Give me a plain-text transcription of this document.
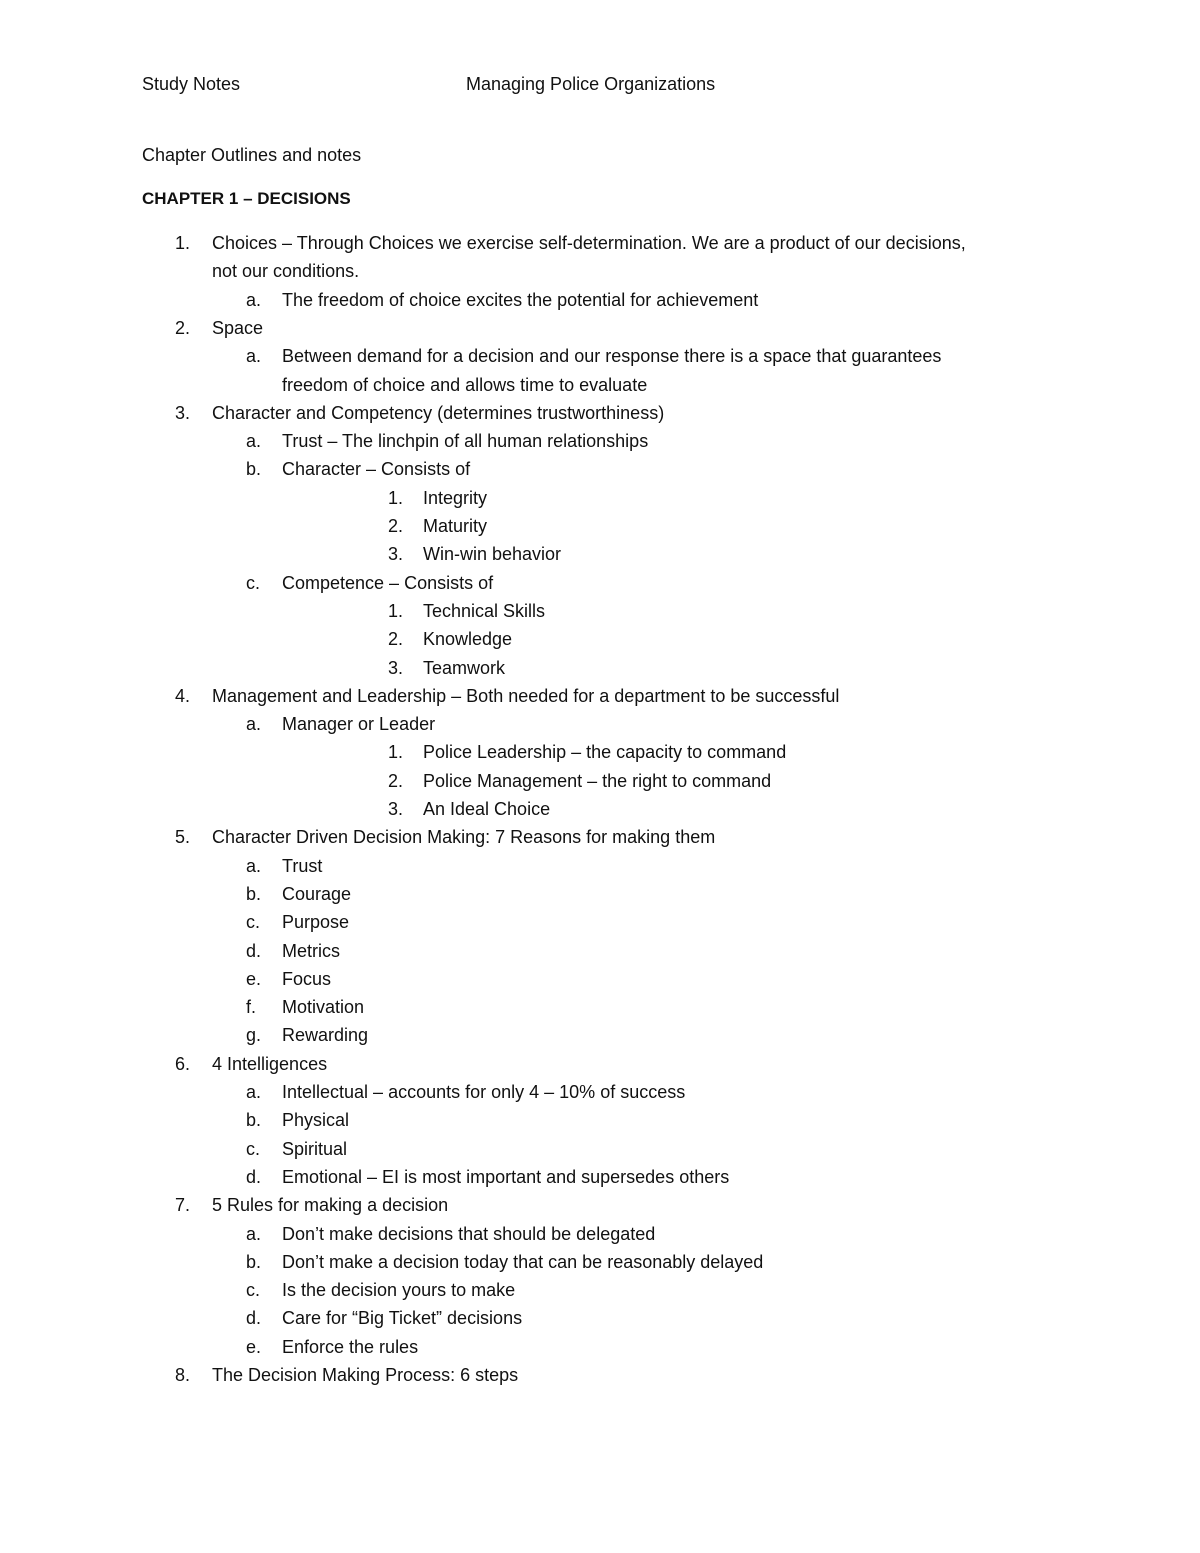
Study Notes	Managing Police Organizations
Chapter Outlines and notes
CHAPTER 1 – DECISIONS
1. Choices – Through Choices we exercise self-determination. We are a product of our decisions,
not our conditions.
a. The freedom of choice excites the potential for achievement
2. Space
a. Between demand for a decision and our response there is a space that guarantees
freedom of choice and allows time to evaluate
3. Character and Competency (determines trustworthiness)
a. Trust – The linchpin of all human relationships
b. Character – Consists of
1. Integrity
2. Maturity
3. Win-win behavior
c. Competence – Consists of
1. Technical Skills
2. Knowledge
3. Teamwork
4. Management and Leadership – Both needed for a department to be successful
a. Manager or Leader
1. Police Leadership – the capacity to command
2. Police Management – the right to command
3. An Ideal Choice
5. Character Driven Decision Making: 7 Reasons for making them
a. Trust
b. Courage
c. Purpose
d. Metrics
e. Focus
f. Motivation
g. Rewarding
6. 4 Intelligences
a. Intellectual – accounts for only 4 – 10% of success
b. Physical
c. Spiritual
d. Emotional – EI is most important and supersedes others
7. 5 Rules for making a decision
a. Don’t make decisions that should be delegated
b. Don’t make a decision today that can be reasonably delayed
c. Is the decision yours to make
d. Care for “Big Ticket” decisions
e. Enforce the rules
8. The Decision Making Process: 6 steps
